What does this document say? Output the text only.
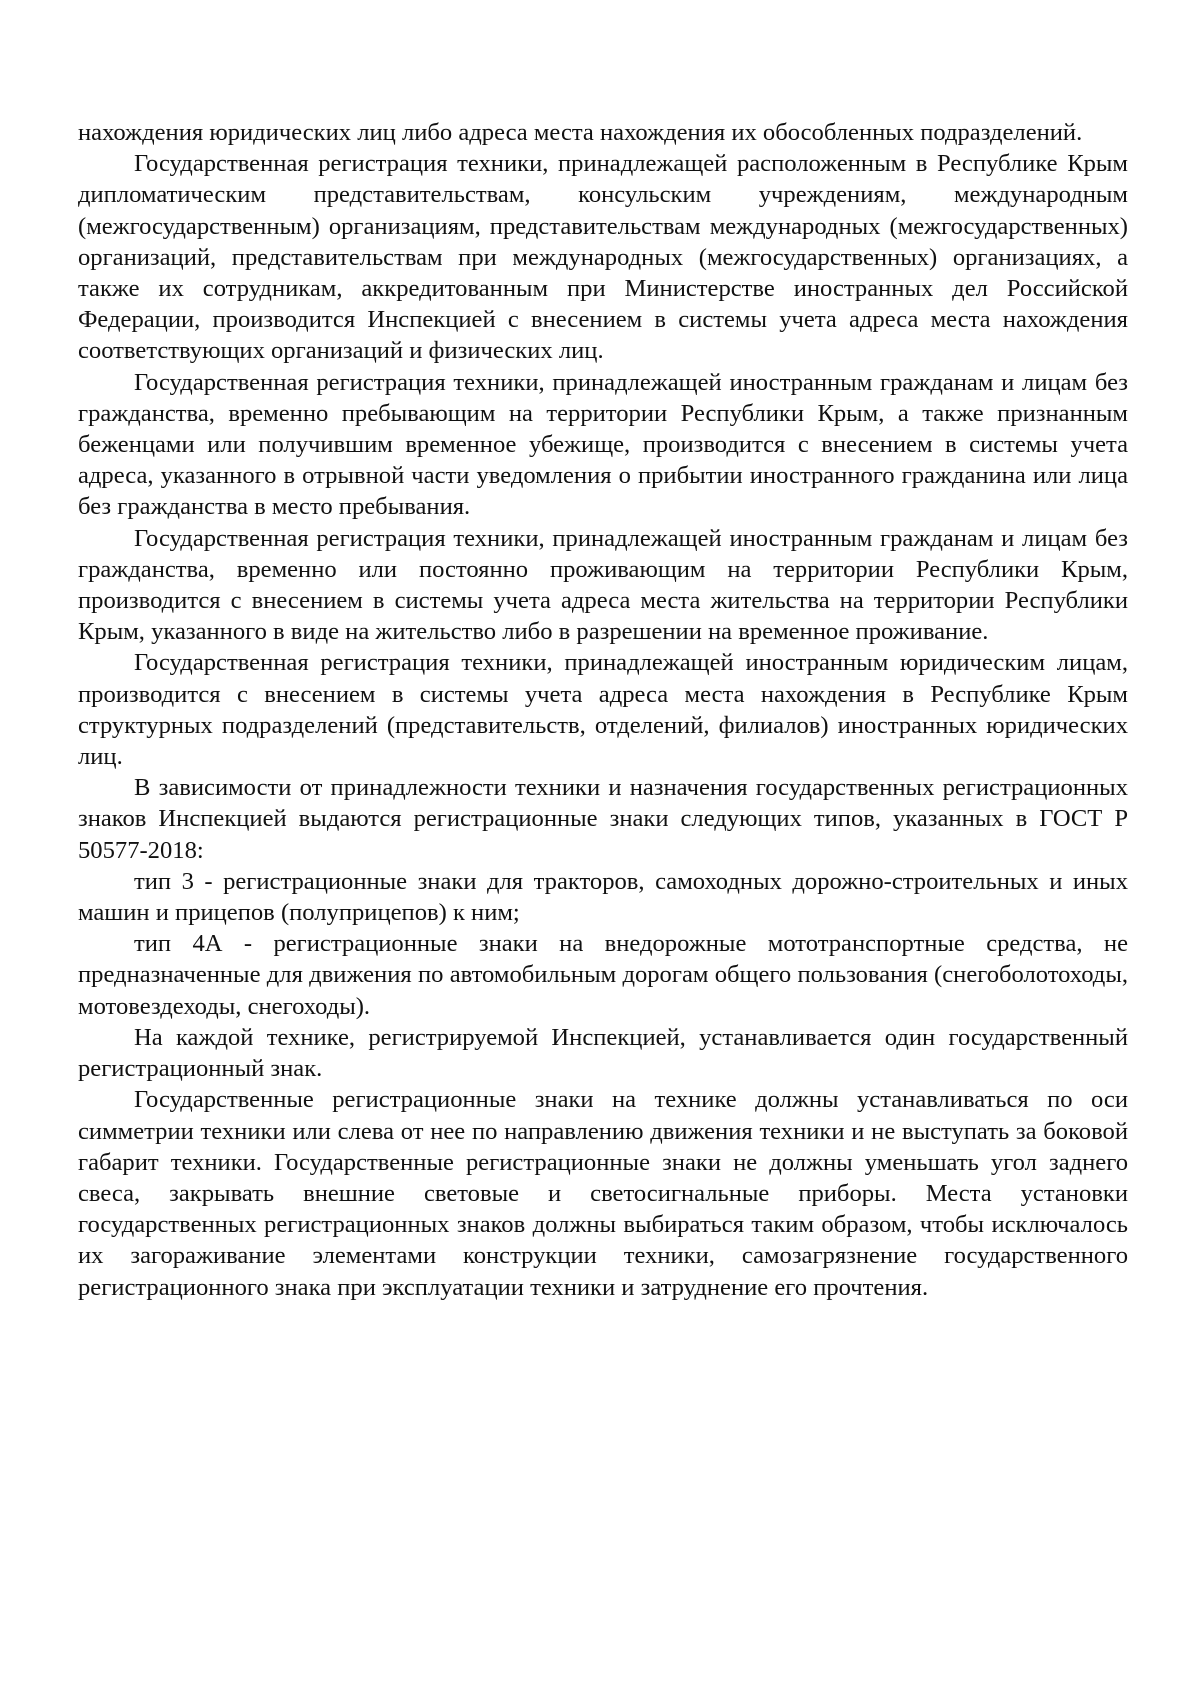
нахождения юридических лиц либо адреса места нахождения их обособленных подразделений.

Государственная регистрация техники, принадлежащей расположенным в Республике Крым дипломатическим представительствам, консульским учреждениям, международным (межгосударственным) организациям, представительствам международных (межгосударственных) организаций, представительствам при международных (межгосударственных) организациях, а также их сотрудникам, аккредитованным при Министерстве иностранных дел Российской Федерации, производится Инспекцией с внесением в системы учета адреса места нахождения соответствующих организаций и физических лиц.

Государственная регистрация техники, принадлежащей иностранным гражданам и лицам без гражданства, временно пребывающим на территории Республики Крым, а также признанным беженцами или получившим временное убежище, производится с внесением в системы учета адреса, указанного в отрывной части уведомления о прибытии иностранного гражданина или лица без гражданства в место пребывания.

Государственная регистрация техники, принадлежащей иностранным гражданам и лицам без гражданства, временно или постоянно проживающим на территории Республики Крым, производится с внесением в системы учета адреса места жительства на территории Республики Крым, указанного в виде на жительство либо в разрешении на временное проживание.

Государственная регистрация техники, принадлежащей иностранным юридическим лицам, производится с внесением в системы учета адреса места нахождения в Республике Крым структурных подразделений (представительств, отделений, филиалов) иностранных юридических лиц.

В зависимости от принадлежности техники и назначения государственных регистрационных знаков Инспекцией выдаются регистрационные знаки следующих типов, указанных в ГОСТ Р 50577-2018:

тип 3 - регистрационные знаки для тракторов, самоходных дорожно-строительных и иных машин и прицепов (полуприцепов) к ним;

тип 4А - регистрационные знаки на внедорожные мототранспортные средства, не предназначенные для движения по автомобильным дорогам общего пользования (снегоболотоходы, мотовездеходы, снегоходы).

На каждой технике, регистрируемой Инспекцией, устанавливается один государственный регистрационный знак.

Государственные регистрационные знаки на технике должны устанавливаться по оси симметрии техники или слева от нее по направлению движения техники и не выступать за боковой габарит техники. Государственные регистрационные знаки не должны уменьшать угол заднего свеса, закрывать внешние световые и светосигнальные приборы. Места установки государственных регистрационных знаков должны выбираться таким образом, чтобы исключалось их загораживание элементами конструкции техники, самозагрязнение государственного регистрационного знака при эксплуатации техники и затруднение его прочтения.
